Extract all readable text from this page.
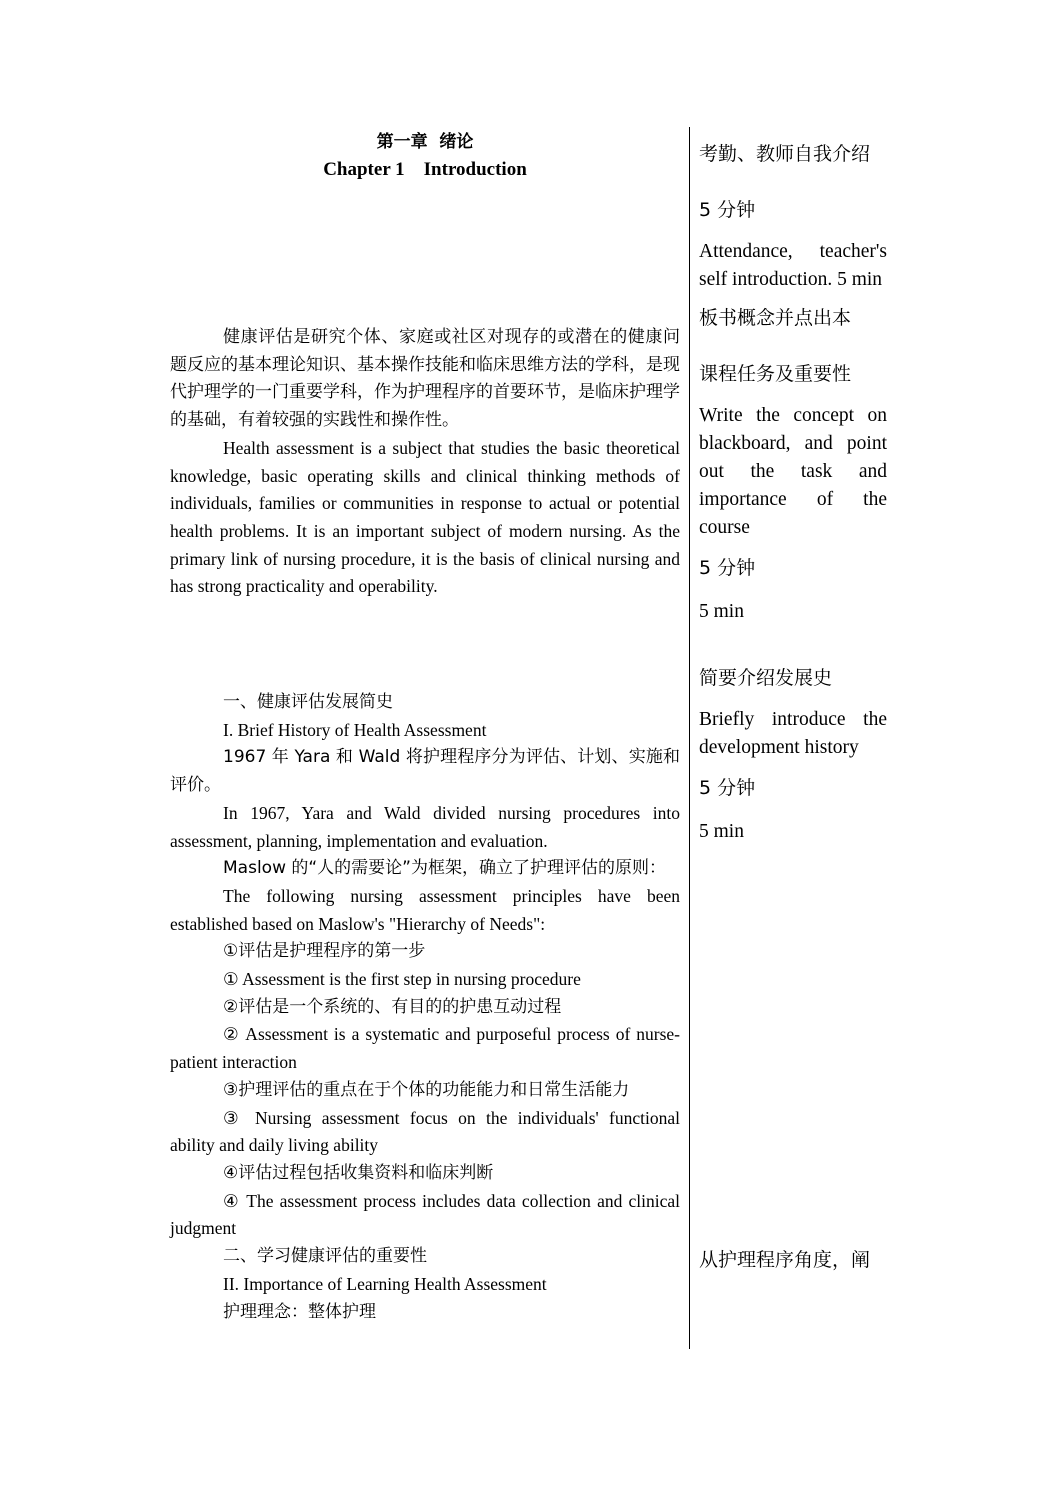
第一章  绪论
Chapter 1    Introduction

健康评估是研究个体、家庭或社区对现存的或潜在的健康问题反应的基本理论知识、基本操作技能和临床思维方法的学科，是现代护理学的一门重要学科，作为护理程序的首要环节，是临床护理学的基础，有着较强的实践性和操作性。

Health assessment is a subject that studies the basic theoretical knowledge, basic operating skills and clinical thinking methods of individuals, families or communities in response to actual or potential health problems. It is an important subject of modern nursing. As the primary link of nursing procedure, it is the basis of clinical nursing and has strong practicality and operability.

一、健康评估发展简史

I. Brief History of Health Assessment

1967 年 Yara 和 Wald 将护理程序分为评估、计划、实施和评价。

In 1967, Yara and Wald divided nursing procedures into assessment, planning, implementation and evaluation.

Maslow 的“人的需要论”为框架，确立了护理评估的原则：

The following nursing assessment principles have been established based on Maslow's "Hierarchy of Needs":

①评估是护理程序的第一步

① Assessment is the first step in nursing procedure

②评估是一个系统的、有目的的护患互动过程

② Assessment is a systematic and purposeful process of nurse-patient interaction

③护理评估的重点在于个体的功能能力和日常生活能力

③ Nursing assessment focus on the individuals' functional ability and daily living ability

④评估过程包括收集资料和临床判断

④ The assessment process includes data collection and clinical judgment

二、学习健康评估的重要性

II. Importance of Learning Health Assessment

护理理念：整体护理

考勤、教师自我介绍

5 分钟

Attendance, teacher's self introduction. 5 min

板书概念并点出本

课程任务及重要性

Write the concept on blackboard, and point out the task and importance of the course

5 分钟

5 min

简要介绍发展史

Briefly introduce the development history

5 分钟

5 min

从护理程序角度，阐
